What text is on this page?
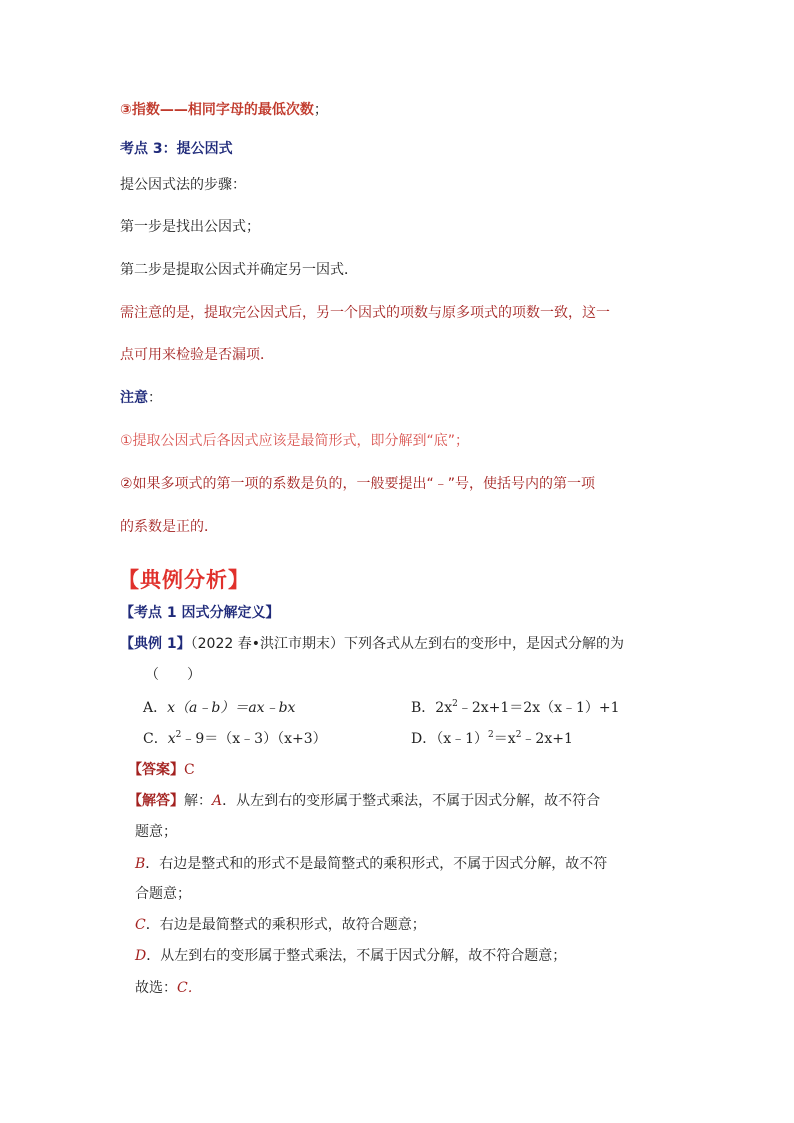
③指数——相同字母的最低次数；
考点 3：提公因式
提公因式法的步骤：
第一步是找出公因式；
第二步是提取公因式并确定另一因式．
需注意的是，提取完公因式后，另一个因式的项数与原多项式的项数一致，这一
点可用来检验是否漏项．
注意：
①提取公因式后各因式应该是最简形式，即分解到“底”；
②如果多项式的第一项的系数是负的，一般要提出“﹣”号，使括号内的第一项
的系数是正的．
【典例分析】
【考点 1 因式分解定义】
【典例 1】（2022 春•洪江市期末）下列各式从左到右的变形中，是因式分解的为
（　　）
A．x（a﹣b）＝ax﹣bx	B．$2x^2﹣2x+1=2x(x﹣1)+1$
C．$x^2﹣9=(x﹣3)(x+3)$	D．$(x﹣1)^2=x^2﹣2x+1$
【答案】C
【解答】解：A．从左到右的变形属于整式乘法，不属于因式分解，故不符合
题意；
B．右边是整式和的形式不是最简整式的乘积形式，不属于因式分解，故不符
合题意；
C．右边是最简整式的乘积形式，故符合题意；
D．从左到右的变形属于整式乘法，不属于因式分解，故不符合题意；
故选：C．
